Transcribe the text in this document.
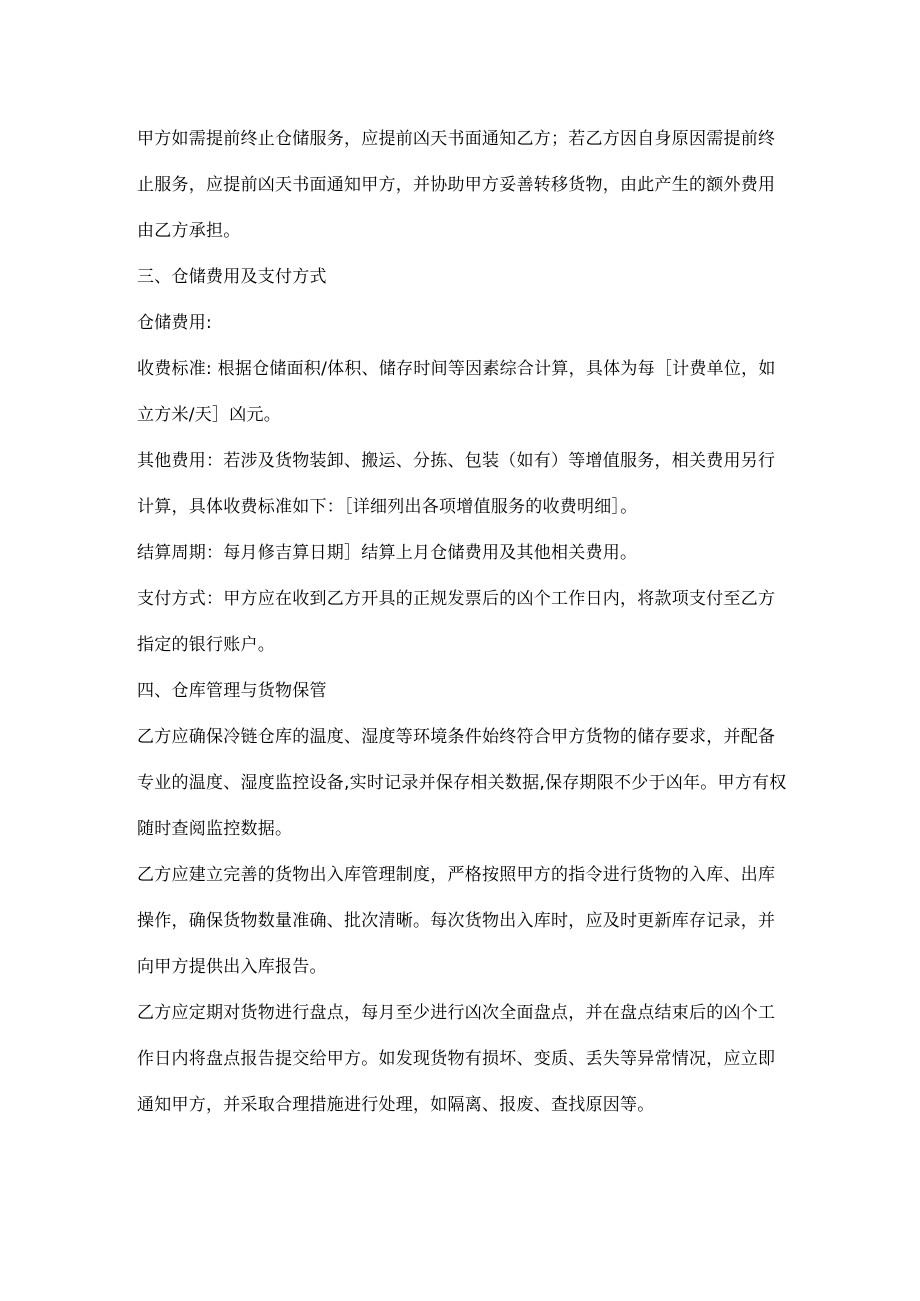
甲方如需提前终止仓储服务，应提前凶天书面通知乙方；若乙方因自身原因需提前终止服务，应提前凶天书面通知甲方，并协助甲方妥善转移货物，由此产生的额外费用由乙方承担。

三、仓储费用及支付方式

仓储费用:

收费标准: 根据仓储面积/体积、储存时间等因素综合计算，具体为每［计费单位，如立方米/天］凶元。

其他费用：若涉及货物装卸、搬运、分拣、包装（如有）等增值服务，相关费用另行计算，具体收费标准如下：［详细列出各项增值服务的收费明细］。

结算周期：每月修吉算日期］结算上月仓储费用及其他相关费用。

支付方式：甲方应在收到乙方开具的正规发票后的凶个工作日内，将款项支付至乙方指定的银行账户。

四、仓库管理与货物保管

乙方应确保冷链仓库的温度、湿度等环境条件始终符合甲方货物的储存要求，并配备专业的温度、湿度监控设备,实时记录并保存相关数据,保存期限不少于凶年。甲方有权随时查阅监控数据。

乙方应建立完善的货物出入库管理制度，严格按照甲方的指令进行货物的入库、出库操作，确保货物数量准确、批次清晰。每次货物出入库时，应及时更新库存记录，并向甲方提供出入库报告。

乙方应定期对货物进行盘点，每月至少进行凶次全面盘点，并在盘点结束后的凶个工作日内将盘点报告提交给甲方。如发现货物有损坏、变质、丢失等异常情况，应立即通知甲方，并采取合理措施进行处理，如隔离、报废、查找原因等。
